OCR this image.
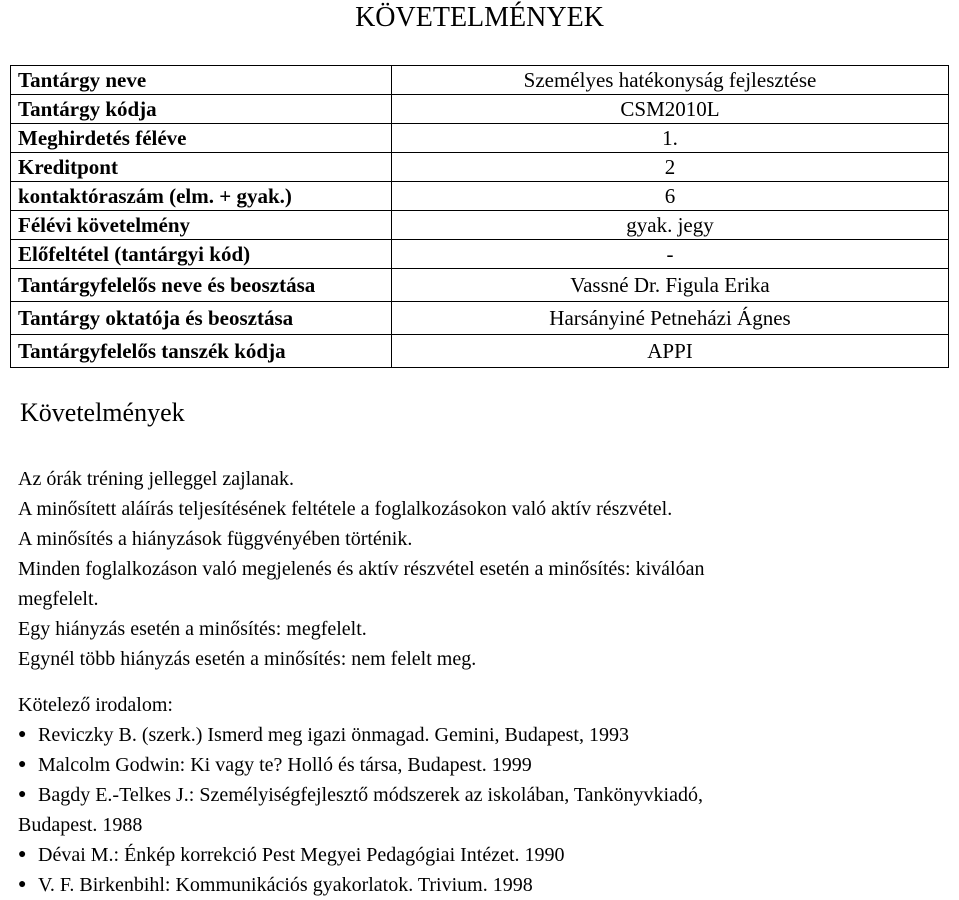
KÖVETELMÉNYEK
Tantárgy neve	Személyes hatékonyság fejlesztése
Tantárgy kódja	CSM2010L
Meghirdetés féléve	1.
Kreditpont	2
kontaktóraszám (elm. + gyak.)	6
Félévi követelmény	gyak. jegy
Előfeltétel (tantárgyi kód)	-
Tantárgyfelelős neve és beosztása	Vassné Dr. Figula Erika
Tantárgy oktatója és beosztása	Harsányiné Petneházi Ágnes
Tantárgyfelelős tanszék kódja	APPI
Követelmények
Az órák tréning jelleggel zajlanak.
A minősített aláírás teljesítésének feltétele a foglalkozásokon való aktív részvétel.
A minősítés a hiányzások függvényében történik.
Minden foglalkozáson való megjelenés és aktív részvétel esetén a minősítés: kiválóan
megfelelt.
Egy hiányzás esetén a minősítés: megfelelt.
Egynél több hiányzás esetén a minősítés: nem felelt meg.
Kötelező irodalom:
● Reviczky B. (szerk.) Ismerd meg igazi önmagad. Gemini, Budapest, 1993
● Malcolm Godwin: Ki vagy te? Holló és társa, Budapest. 1999
● Bagdy E.-Telkes J.: Személyiségfejlesztő módszerek az iskolában, Tankönyvkiadó,
Budapest. 1988
● Dévai M.: Énkép korrekció Pest Megyei Pedagógiai Intézet. 1990
● V. F. Birkenbihl: Kommunikációs gyakorlatok. Trivium. 1998
